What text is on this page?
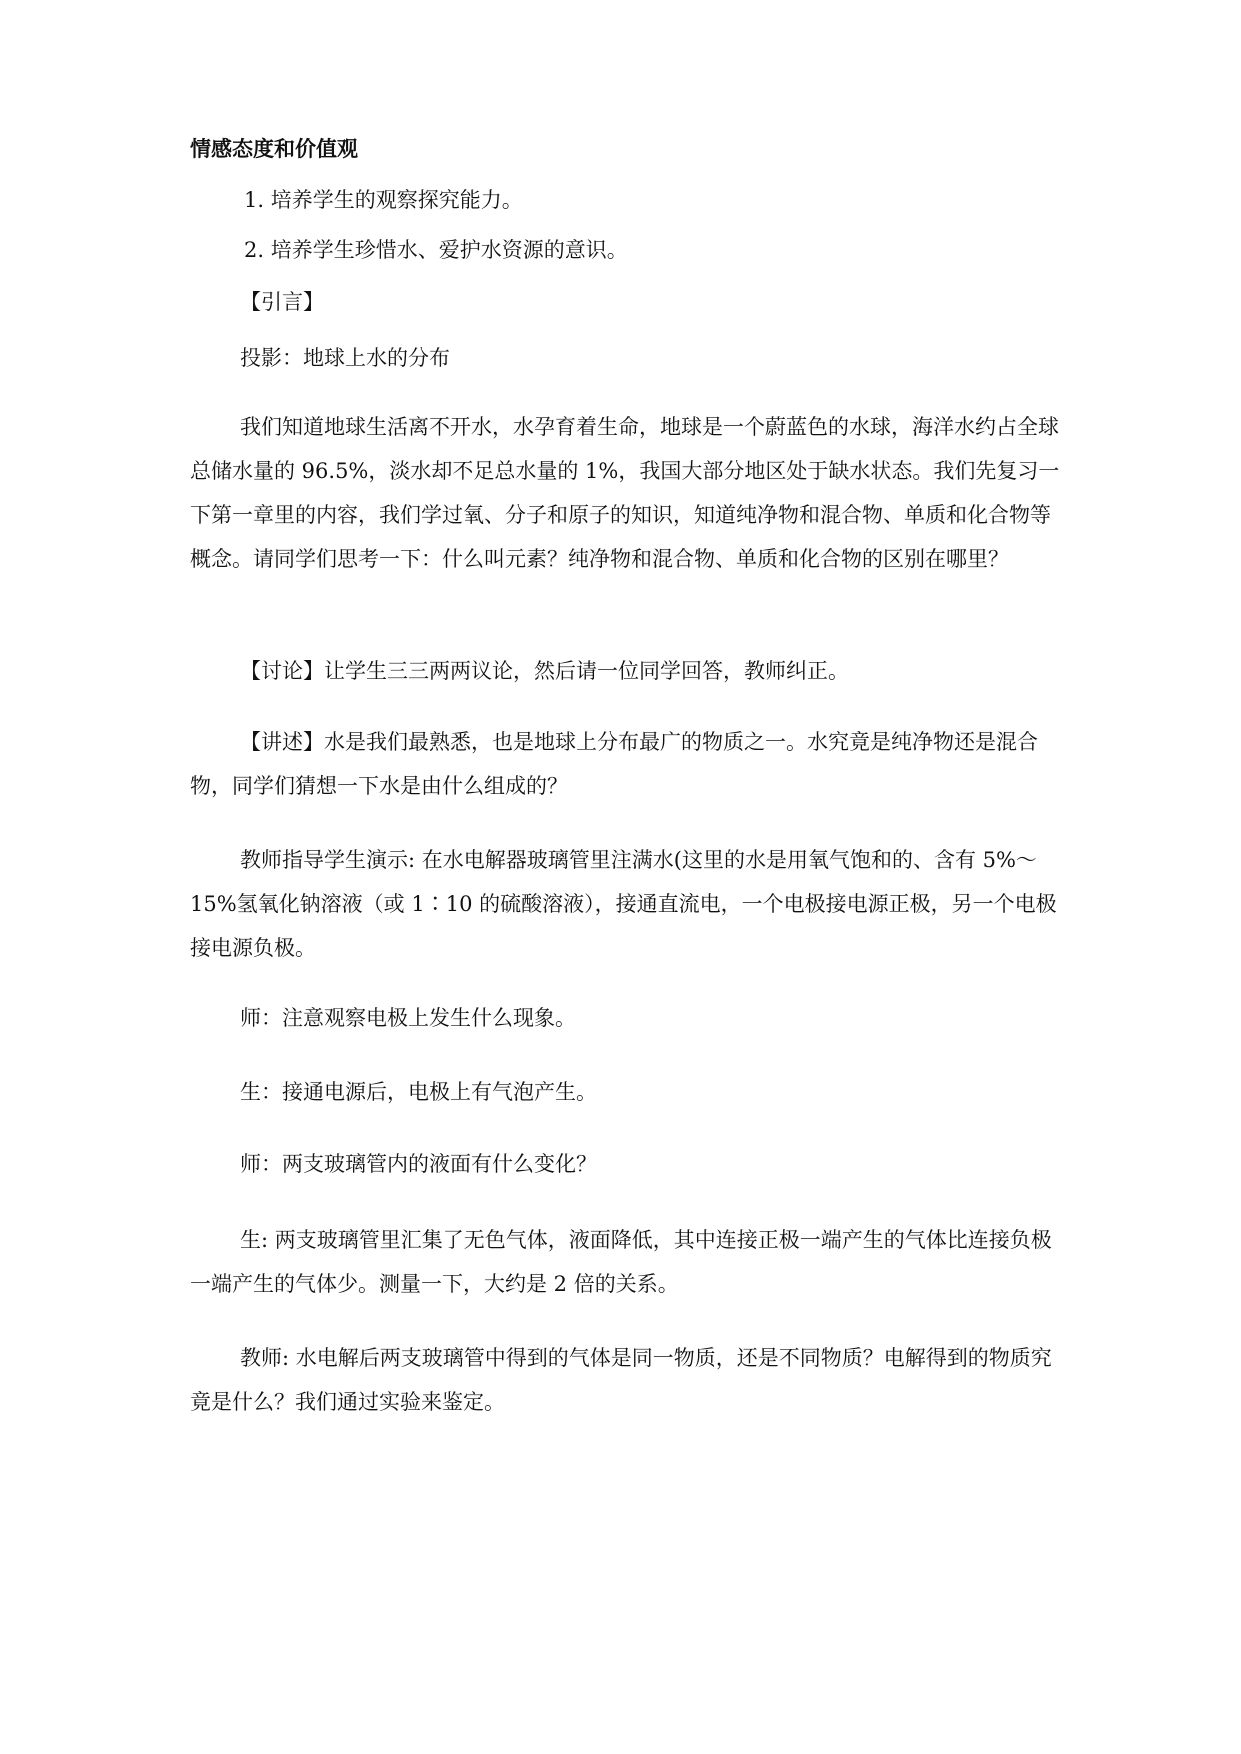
情感态度和价值观

1. 培养学生的观察探究能力。

2. 培养学生珍惜水、爱护水资源的意识。

【引言】

投影：地球上水的分布

我们知道地球生活离不开水，水孕育着生命，地球是一个蔚蓝色的水球，海洋水约占全球总储水量的 96.5%，淡水却不足总水量的 1%，我国大部分地区处于缺水状态。我们先复习一下第一章里的内容，我们学过氧、分子和原子的知识，知道纯净物和混合物、单质和化合物等概念。请同学们思考一下：什么叫元素？纯净物和混合物、单质和化合物的区别在哪里？

【讨论】让学生三三两两议论，然后请一位同学回答，教师纠正。

【讲述】水是我们最熟悉，也是地球上分布最广的物质之一。水究竟是纯净物还是混合物，同学们猜想一下水是由什么组成的？

教师指导学生演示: 在水电解器玻璃管里注满水(这里的水是用氧气饱和的、含有 5%～15%氢氧化钠溶液（或 1∶10 的硫酸溶液），接通直流电，一个电极接电源正极，另一个电极接电源负极。

师：注意观察电极上发生什么现象。

生：接通电源后，电极上有气泡产生。

师：两支玻璃管内的液面有什么变化？

生: 两支玻璃管里汇集了无色气体，液面降低，其中连接正极一端产生的气体比连接负极一端产生的气体少。测量一下，大约是 2 倍的关系。

教师: 水电解后两支玻璃管中得到的气体是同一物质，还是不同物质？电解得到的物质究竟是什么？我们通过实验来鉴定。
